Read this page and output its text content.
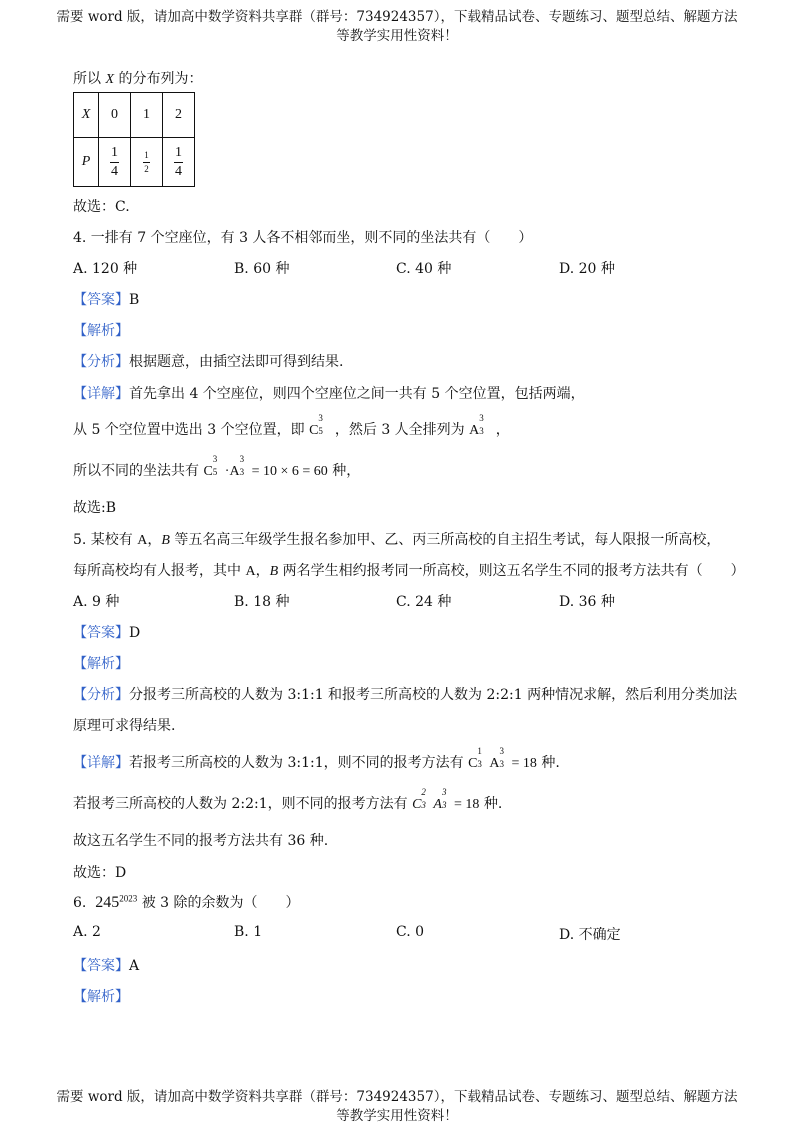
需要 word 版，请加高中数学资料共享群（群号：734924357），下载精品试卷、专题练习、题型总结、解题方法
等教学实用性资料！
所以 X 的分布列为：
X	0	1	2
P	$\frac{1}{4}$	$\frac{1}{2}$	$\frac{1}{4}$
故选：C.
4. 一排有 7 个空座位，有 3 人各不相邻而坐，则不同的坐法共有（　　）
A. 120 种	B. 60 种	C. 40 种	D. 20 种
【答案】B
【解析】
【分析】根据题意，由插空法即可得到结果.
【详解】首先拿出 4 个空座位，则四个空座位之间一共有 5 个空位置，包括两端，
从 5 个空位置中选出 3 个空位置，即 C
3
5 ，然后 3 人全排列为 A
3
3 ，
所以不同的坐法共有 C
3
5 ·A
3
3 = 10 × 6 = 60 种，
故选:B
5. 某校有 A，B 等五名高三年级学生报名参加甲、乙、丙三所高校的自主招生考试，每人限报一所高校，
每所高校均有人报考，其中 A，B 两名学生相约报考同一所高校，则这五名学生不同的报考方法共有（　　）
A. 9 种	B. 18 种	C. 24 种	D. 36 种
【答案】D
【解析】
【分析】分报考三所高校的人数为 3:1:1 和报考三所高校的人数为 2:2:1 两种情况求解，然后利用分类加法
原理可求得结果.
【详解】若报考三所高校的人数为 3:1:1，则不同的报考方法有 C
1
3 A
3
3 = 18 种.
若报考三所高校的人数为 2:2:1，则不同的报考方法有 C
2
3 A
3
3 = 18 种.
故这五名学生不同的报考方法共有 36 种.
故选：D
6. $245^{2023}$ 被 3 除的余数为（　　）
A. 2	B. 1	C. 0	D. 不确定
【答案】A
【解析】
需要 word 版，请加高中数学资料共享群（群号：734924357），下载精品试卷、专题练习、题型总结、解题方法
等教学实用性资料！
